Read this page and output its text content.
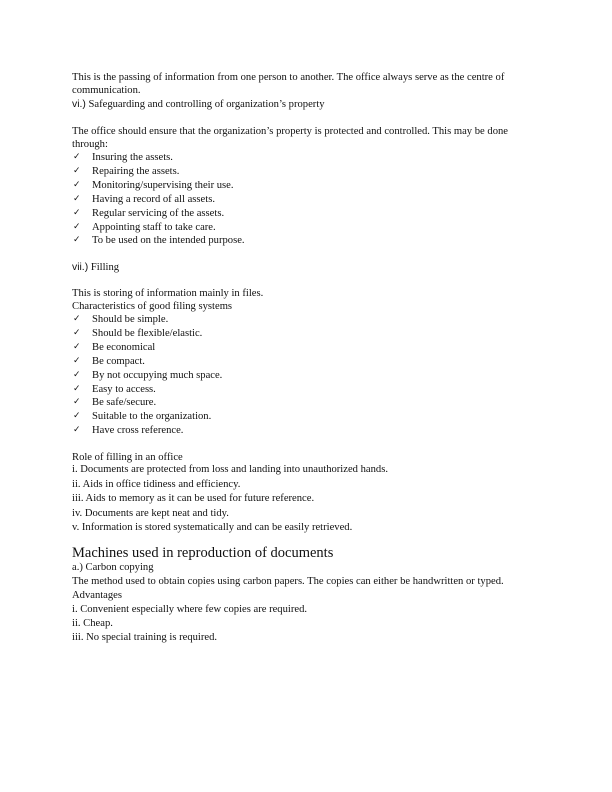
This is the passing of information from one person to another. The office always serve as the centre of
communication.
vi.) Safeguarding and controlling of organization’s property
The office should ensure that the organization’s property is protected and controlled. This may be done
through:
✓ Insuring the assets.
✓ Repairing the assets.
✓ Monitoring/supervising their use.
✓ Having a record of all assets.
✓ Regular servicing of the assets.
✓ Appointing staff to take care.
✓ To be used on the intended purpose.
vii.) Filling
This is storing of information mainly in files.
Characteristics of good filing systems
✓ Should be simple.
✓ Should be flexible/elastic.
✓ Be economical
✓ Be compact.
✓ By not occupying much space.
✓ Easy to access.
✓ Be safe/secure.
✓ Suitable to the organization.
✓ Have cross reference.
Role of filling in an office
i. Documents are protected from loss and landing into unauthorized hands.
ii. Aids in office tidiness and efficiency.
iii. Aids to memory as it can be used for future reference.
iv. Documents are kept neat and tidy.
v. Information is stored systematically and can be easily retrieved.
Machines used in reproduction of documents
a.) Carbon copying
The method used to obtain copies using carbon papers. The copies can either be handwritten or typed.
Advantages
i. Convenient especially where few copies are required.
ii. Cheap.
iii. No special training is required.
